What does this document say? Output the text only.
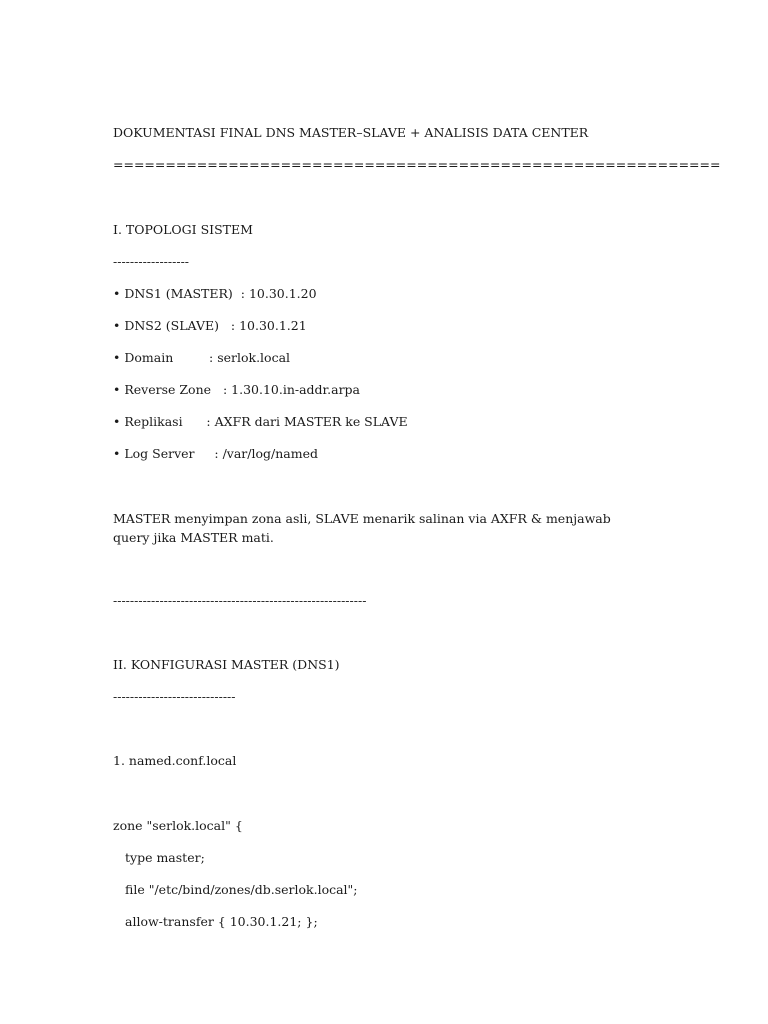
DOKUMENTASI FINAL DNS MASTER–SLAVE + ANALISIS DATA CENTER
==========================================================
I. TOPOLOGI SISTEM
------------------
• DNS1 (MASTER)  : 10.30.1.20
• DNS2 (SLAVE)   : 10.30.1.21
• Domain         : serlok.local
• Reverse Zone   : 1.30.10.in-addr.arpa
• Replikasi      : AXFR dari MASTER ke SLAVE
• Log Server     : /var/log/named
MASTER menyimpan zona asli, SLAVE menarik salinan via AXFR & menjawab query jika MASTER mati.
------------------------------------------------------------
II. KONFIGURASI MASTER (DNS1)
-----------------------------
1. named.conf.local
zone "serlok.local" {
type master;
file "/etc/bind/zones/db.serlok.local";
allow-transfer { 10.30.1.21; };
